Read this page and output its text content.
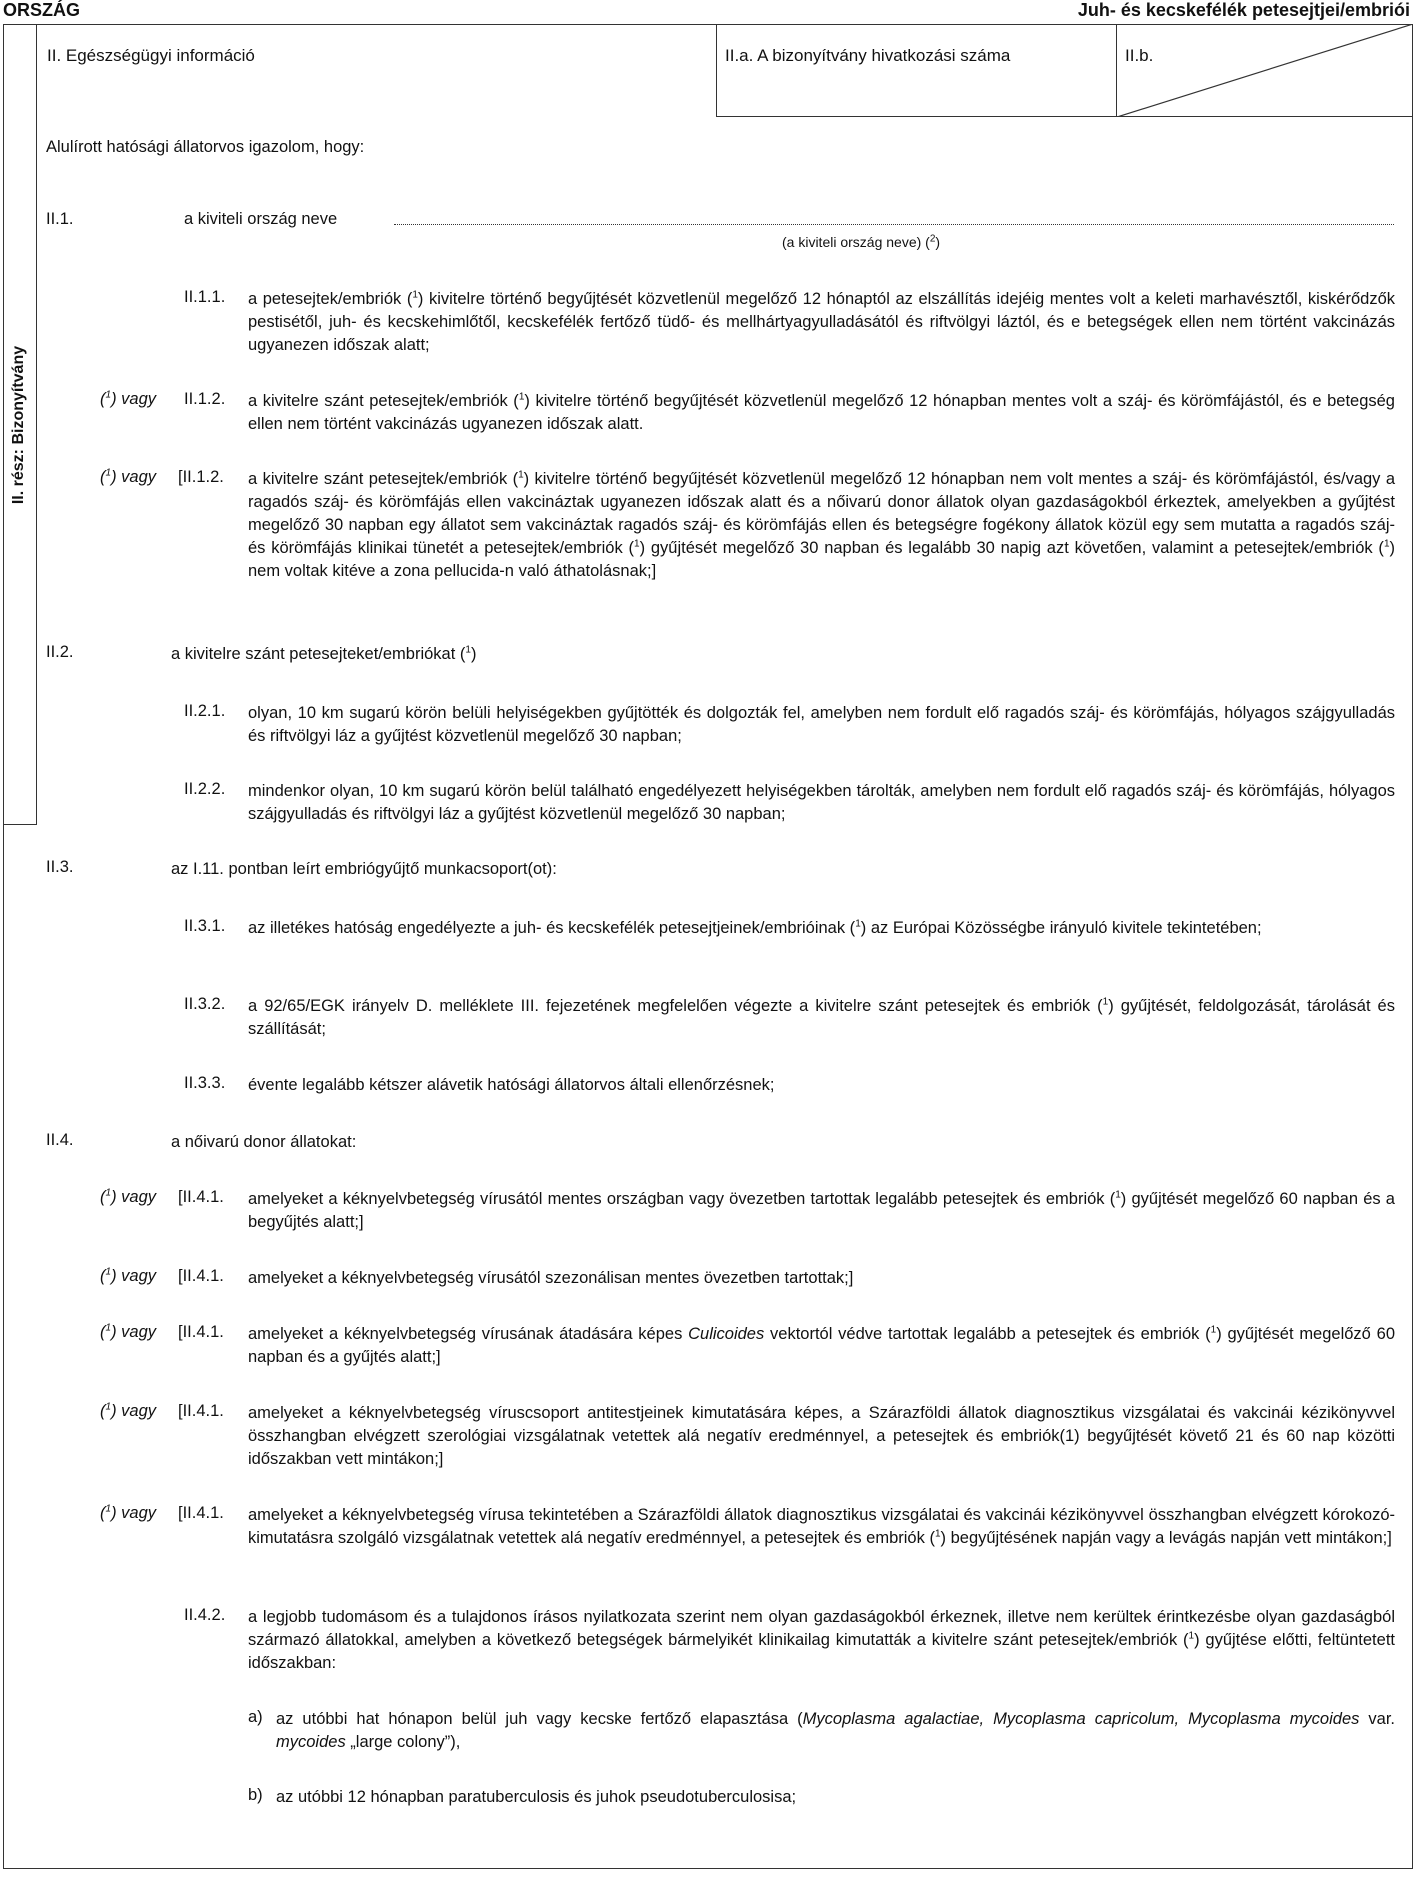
ORSZÁG	Juh- és kecskefélék petesejtjei/embriói
II. rész: Bizonyítvány
II. Egészségügyi információ	II.a. A bizonyítvány hivatkozási száma	II.b.
Alulírott hatósági állatorvos igazolom, hogy:
II.1.	a kiviteli ország neve
(a kiviteli ország neve) ($^2$)
II.1.1. a petesejtek/embriók ($^1$) kivitelre történő begyűjtését közvetlenül megelőző 12 hónaptól az elszállítás idejéig mentes volt a keleti marhavésztől, kiskérődzők pestisétől, juh- és kecskehimlőtől, kecskefélék fertőző tüdő- és mellhártyagyulladásától és riftvölgyi láztól, és e betegségek ellen nem történt vakcinázás ugyanezen időszak alatt;
($^1$) vagy II.1.2. a kivitelre szánt petesejtek/embriók ($^1$) kivitelre történő begyűjtését közvetlenül megelőző 12 hónapban mentes volt a száj- és körömfájástól, és e betegség ellen nem történt vakcinázás ugyanezen időszak alatt.
($^1$) vagy [II.1.2. a kivitelre szánt petesejtek/embriók ($^1$) kivitelre történő begyűjtését közvetlenül megelőző 12 hónapban nem volt mentes a száj- és körömfájástól, és/vagy a ragadós száj- és körömfájás ellen vakcináztak ugyanezen időszak alatt és a nőivarú donor állatok olyan gazdaságokból érkeztek, amelyekben a gyűjtést megelőző 30 napban egy állatot sem vakcináztak ragadós száj- és körömfájás ellen és betegségre fogékony állatok közül egy sem mutatta a ragadós száj- és körömfájás klinikai tünetét a petesejtek/embriók ($^1$) gyűjtését megelőző 30 napban és legalább 30 napig azt követően, valamint a petesejtek/embriók ($^1$) nem voltak kitéve a zona pellucida-n való áthatolásnak;]
II.2.	a kivitelre szánt petesejteket/embriókat ($^1$)
II.2.1. olyan, 10 km sugarú körön belüli helyiségekben gyűjtötték és dolgozták fel, amelyben nem fordult elő ragadós száj- és körömfájás, hólyagos szájgyulladás és riftvölgyi láz a gyűjtést közvetlenül megelőző 30 napban;
II.2.2. mindenkor olyan, 10 km sugarú körön belül található engedélyezett helyiségekben tárolták, amelyben nem fordult elő ragadós száj- és körömfájás, hólyagos szájgyulladás és riftvölgyi láz a gyűjtést közvetlenül megelőző 30 napban;
II.3.	az I.11. pontban leírt embriógyűjtő munkacsoport(ot):
II.3.1. az illetékes hatóság engedélyezte a juh- és kecskefélék petesejtjeinek/embrióinak ($^1$) az Európai Közösségbe irányuló kivitele tekintetében;
II.3.2. a 92/65/EGK irányelv D. melléklete III. fejezetének megfelelően végezte a kivitelre szánt petesejtek és embriók ($^1$) gyűjtését, feldolgozását, tárolását és szállítását;
II.3.3. évente legalább kétszer alávetik hatósági állatorvos általi ellenőrzésnek;
II.4.	a nőivarú donor állatokat:
($^1$) vagy [II.4.1. amelyeket a kéknyelvbetegség vírusától mentes országban vagy övezetben tartottak legalább petesejtek és embriók ($^1$) gyűjtését megelőző 60 napban és a begyűjtés alatt;]
($^1$) vagy [II.4.1. amelyeket a kéknyelvbetegség vírusától szezonálisan mentes övezetben tartottak;]
($^1$) vagy [II.4.1. amelyeket a kéknyelvbetegség vírusának átadására képes Culicoides vektortól védve tartottak legalább a petesejtek és embriók ($^1$) gyűjtését megelőző 60 napban és a gyűjtés alatt;]
($^1$) vagy [II.4.1. amelyeket a kéknyelvbetegség víruscsoport antitestjeinek kimutatására képes, a Szárazföldi állatok diagnosztikus vizsgálatai és vakcinái kézikönyvvel összhangban elvégzett szerológiai vizsgálatnak vetettek alá negatív eredménnyel, a petesejtek és embriók(1) begyűjtését követő 21 és 60 nap közötti időszakban vett mintákon;]
($^1$) vagy [II.4.1. amelyeket a kéknyelvbetegség vírusa tekintetében a Szárazföldi állatok diagnosztikus vizsgálatai és vakcinái kézikönyvvel összhangban elvégzett kórokozó-kimutatásra szolgáló vizsgálatnak vetettek alá negatív eredménnyel, a petesejtek és embriók ($^1$) begyűjtésének napján vagy a levágás napján vett mintákon;]
II.4.2. a legjobb tudomásom és a tulajdonos írásos nyilatkozata szerint nem olyan gazdaságokból érkeznek, illetve nem kerültek érintkezésbe olyan gazdaságból származó állatokkal, amelyben a következő betegségek bármelyikét klinikailag kimutatták a kivitelre szánt petesejtek/embriók ($^1$) gyűjtése előtti, feltüntetett időszakban:
a) az utóbbi hat hónapon belül juh vagy kecske fertőző elapasztása (Mycoplasma agalactiae, Mycoplasma capricolum, Mycoplasma mycoides var. mycoides „large colony”),
b) az utóbbi 12 hónapban paratuberculosis és juhok pseudotuberculosisa;
